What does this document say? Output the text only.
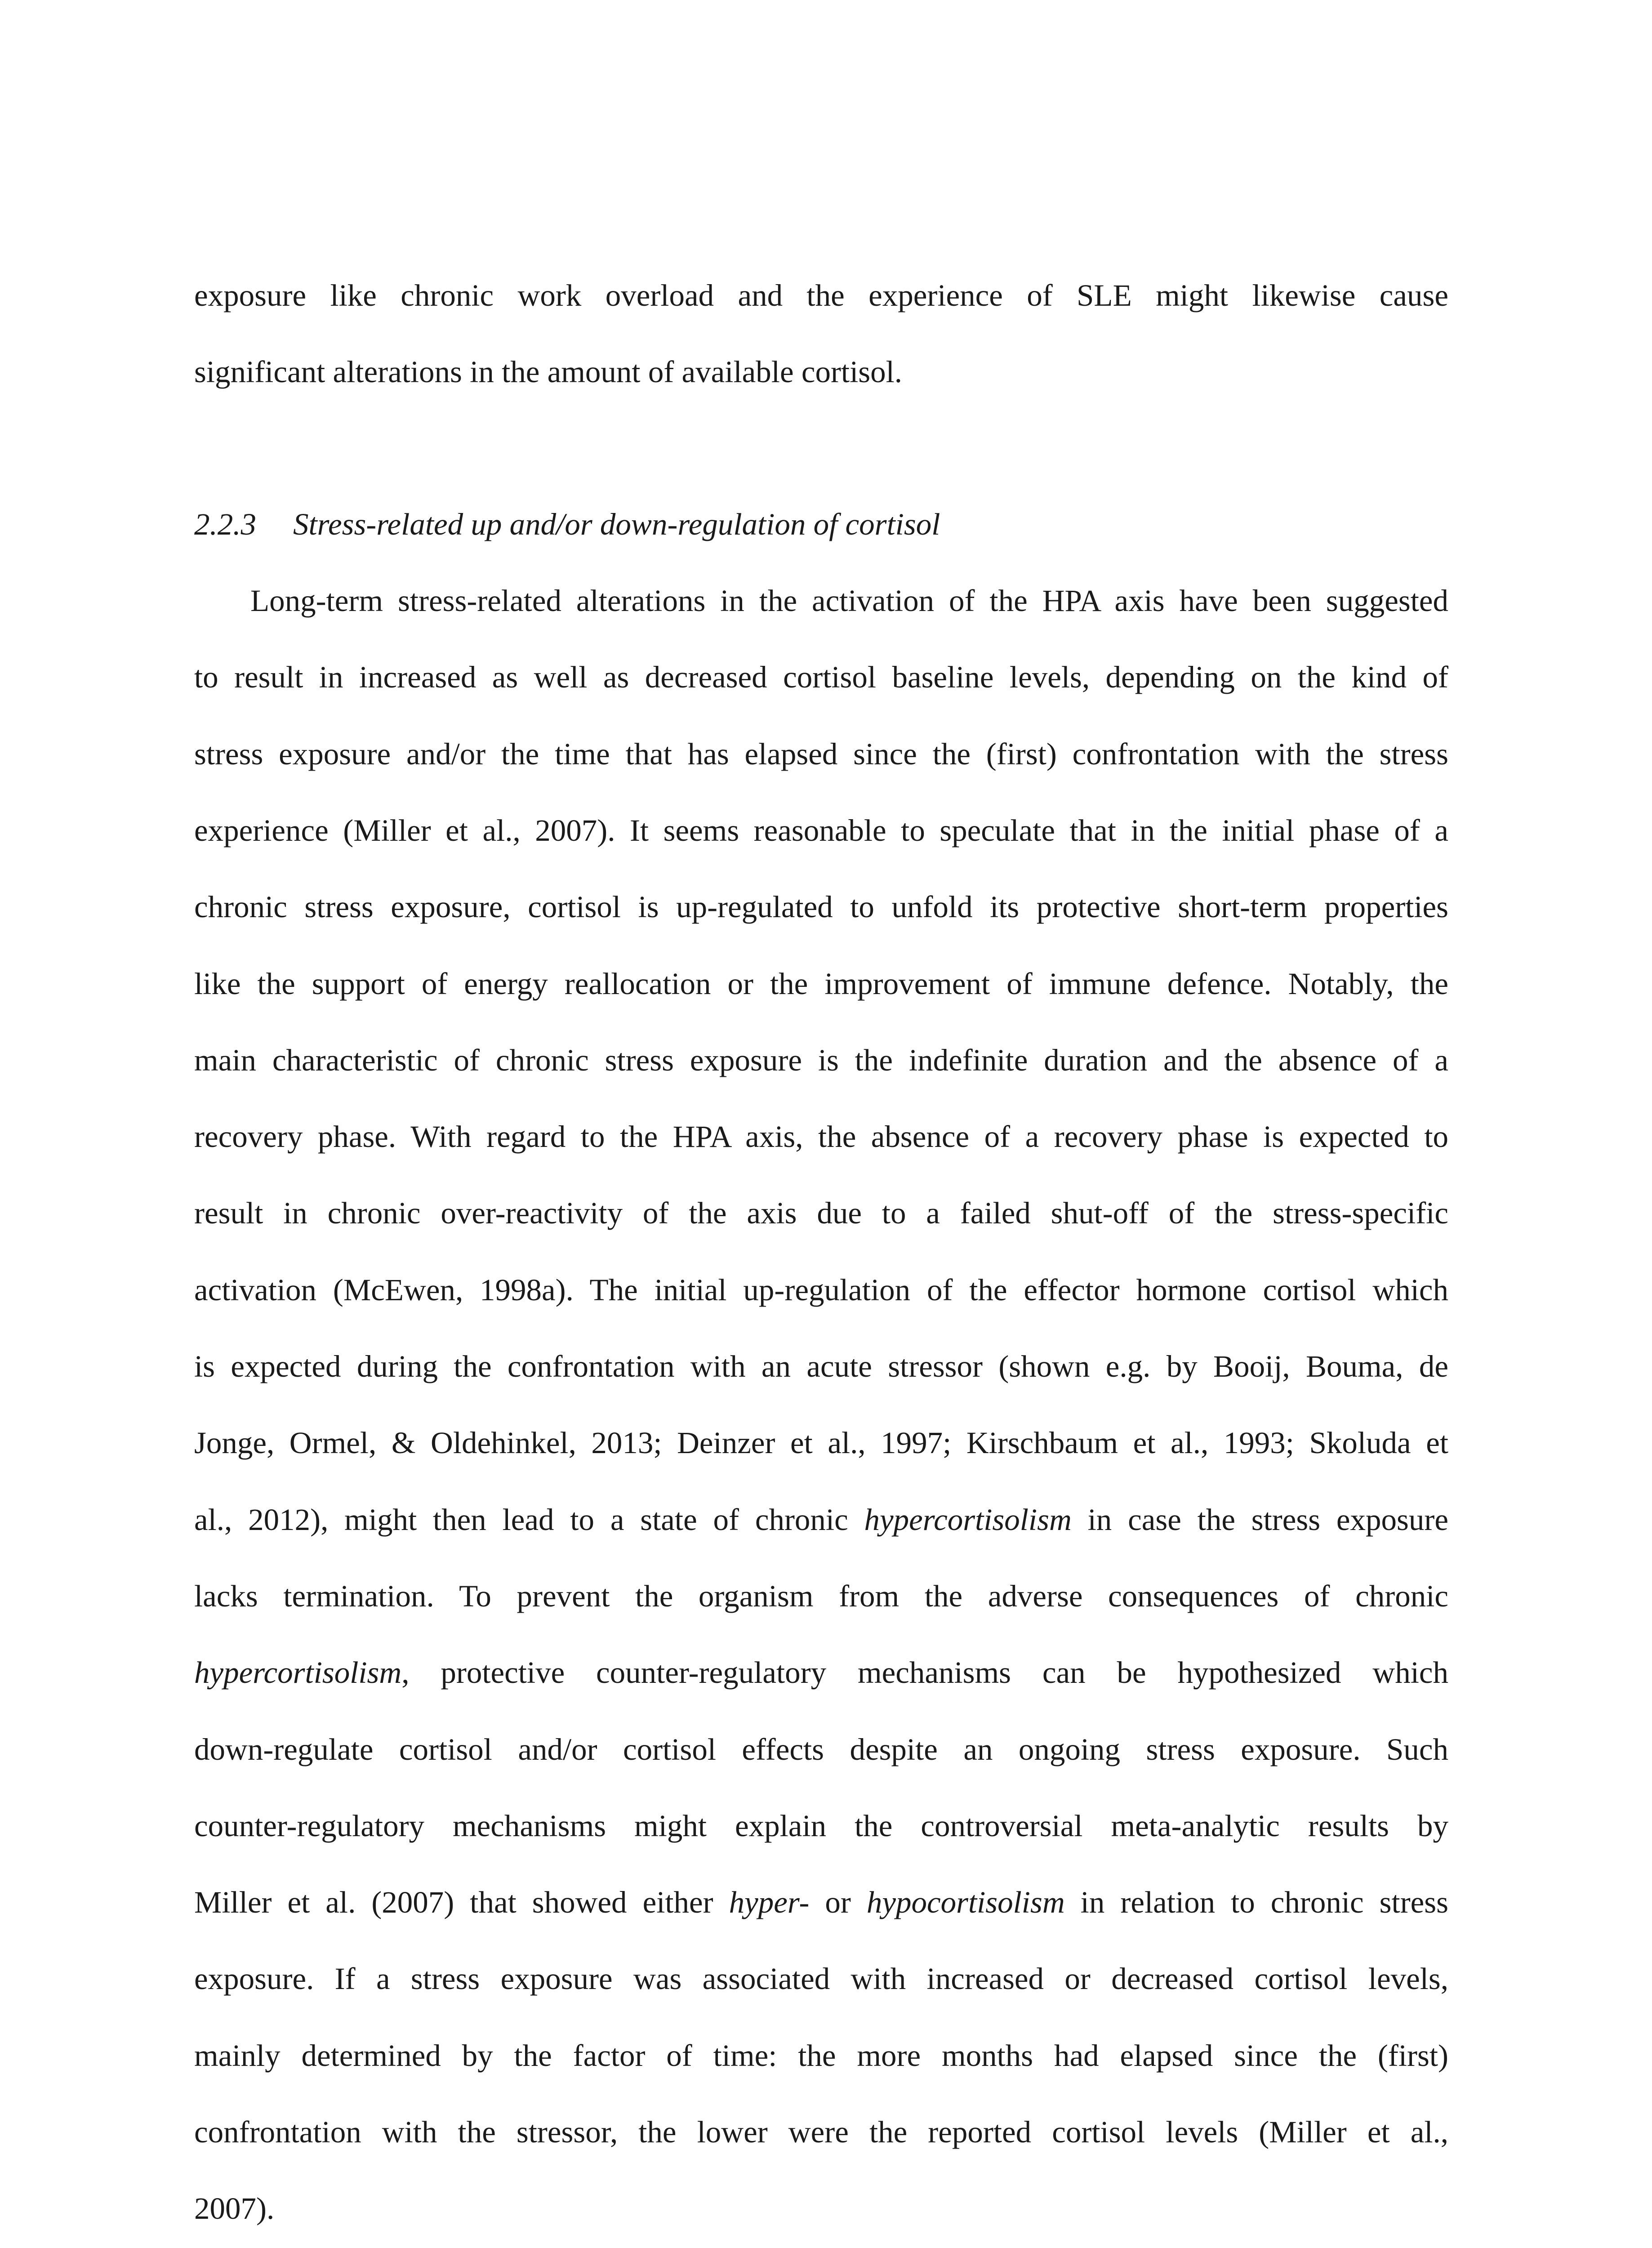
exposure like chronic work overload and the experience of SLE might likewise cause
significant alterations in the amount of available cortisol.
2.2.3 Stress-related up and/or down-regulation of cortisol
Long-term stress-related alterations in the activation of the HPA axis have been suggested
to result in increased as well as decreased cortisol baseline levels, depending on the kind of
stress exposure and/or the time that has elapsed since the (first) confrontation with the stress
experience (Miller et al., 2007). It seems reasonable to speculate that in the initial phase of a
chronic stress exposure, cortisol is up-regulated to unfold its protective short-term properties
like the support of energy reallocation or the improvement of immune defence. Notably, the
main characteristic of chronic stress exposure is the indefinite duration and the absence of a
recovery phase. With regard to the HPA axis, the absence of a recovery phase is expected to
result in chronic over-reactivity of the axis due to a failed shut-off of the stress-specific
activation (McEwen, 1998a). The initial up-regulation of the effector hormone cortisol which
is expected during the confrontation with an acute stressor (shown e.g. by Booij, Bouma, de
Jonge, Ormel, & Oldehinkel, 2013; Deinzer et al., 1997; Kirschbaum et al., 1993; Skoluda et
al., 2012), might then lead to a state of chronic hypercortisolism in case the stress exposure
lacks termination. To prevent the organism from the adverse consequences of chronic
hypercortisolism, protective counter-regulatory mechanisms can be hypothesized which
down-regulate cortisol and/or cortisol effects despite an ongoing stress exposure. Such
counter-regulatory mechanisms might explain the controversial meta-analytic results by
Miller et al. (2007) that showed either hyper- or hypocortisolism in relation to chronic stress
exposure. If a stress exposure was associated with increased or decreased cortisol levels,
mainly determined by the factor of time: the more months had elapsed since the (first)
confrontation with the stressor, the lower were the reported cortisol levels (Miller et al.,
2007).
